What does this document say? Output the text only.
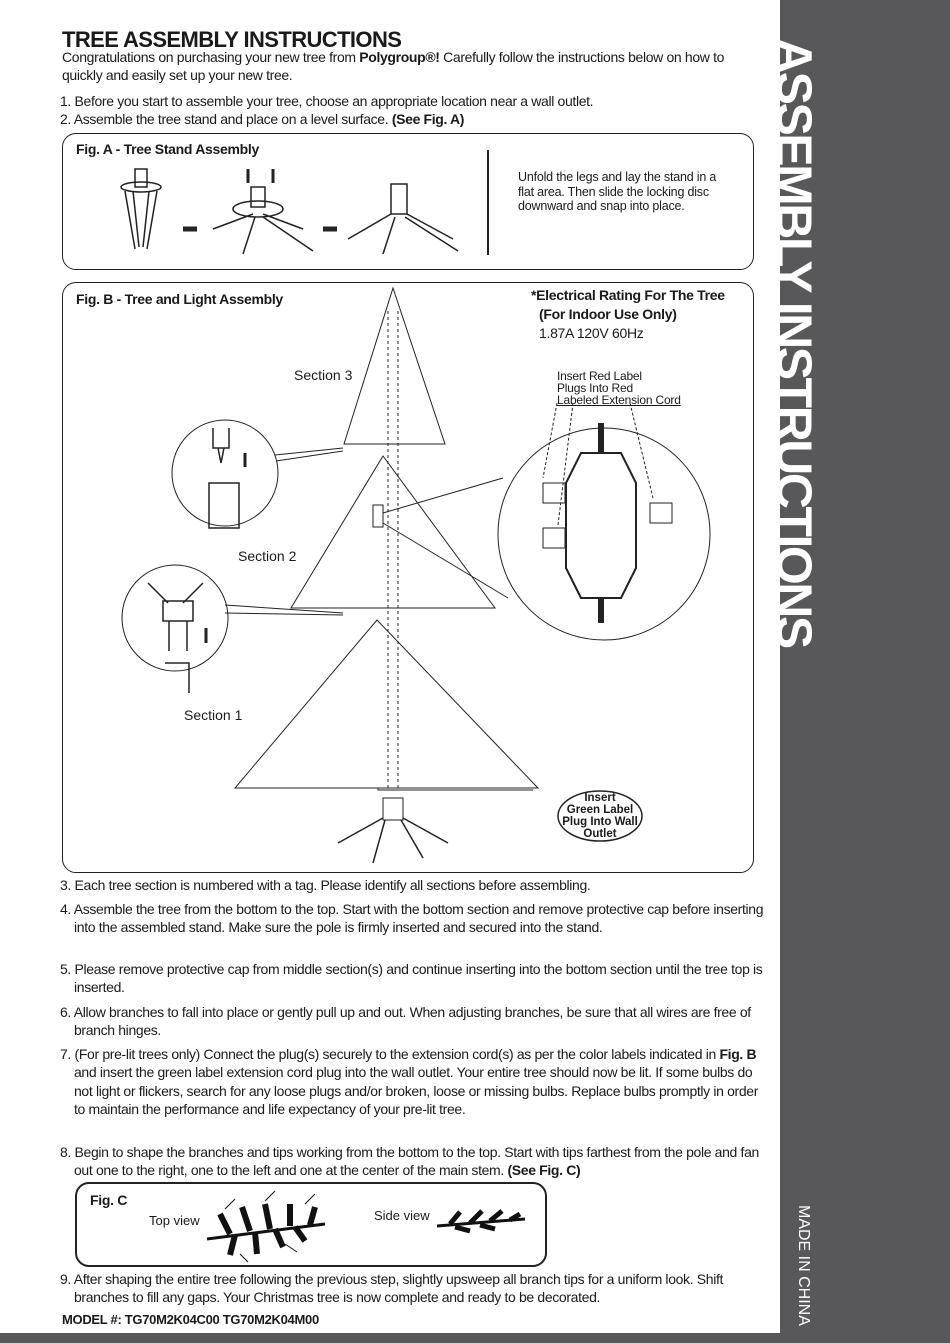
TREE ASSEMBLY INSTRUCTIONS
Congratulations on purchasing your new tree from Polygroup®! Carefully follow the instructions below on how to quickly and easily set up your new tree.
1. Before you start to assemble your tree, choose an appropriate location near a wall outlet.
2. Assemble the tree stand and place on a level surface. (See Fig. A)
Fig. A - Tree Stand Assembly
Unfold the legs and lay the stand in a flat area. Then slide the locking disc downward and snap into place.
Fig. B - Tree and Light Assembly	*Electrical Rating For The Tree
(For Indoor Use Only)
1.87A 120V 60Hz
Insert Red Label
Plugs Into Red
Labeled Extension Cord
Section 3
Section 2
Section 1
Insert
Green Label
Plug Into Wall
Outlet
3. Each tree section is numbered with a tag. Please identify all sections before assembling.
4. Assemble the tree from the bottom to the top. Start with the bottom section and remove protective cap before inserting into the assembled stand. Make sure the pole is firmly inserted and secured into the stand.
5. Please remove protective cap from middle section(s) and continue inserting into the bottom section until the tree top is inserted.
6. Allow branches to fall into place or gently pull up and out. When adjusting branches, be sure that all wires are free of branch hinges.
7. (For pre-lit trees only) Connect the plug(s) securely to the extension cord(s) as per the color labels indicated in Fig. B and insert the green label extension cord plug into the wall outlet. Your entire tree should now be lit. If some bulbs do not light or flickers, search for any loose plugs and/or broken, loose or missing bulbs. Replace bulbs promptly in order to maintain the performance and life expectancy of your pre-lit tree.
8. Begin to shape the branches and tips working from the bottom to the top. Start with tips farthest from the pole and fan out one to the right, one to the left and one at the center of the main stem. (See Fig. C)
Fig. C
Top view	Side view
9. After shaping the entire tree following the previous step, slightly upsweep all branch tips for a uniform look. Shift branches to fill any gaps. Your Christmas tree is now complete and ready to be decorated.
MODEL #: TG70M2K04C00 TG70M2K04M00
ASSEMBLY INSTRUCTIONS
MADE IN CHINA
